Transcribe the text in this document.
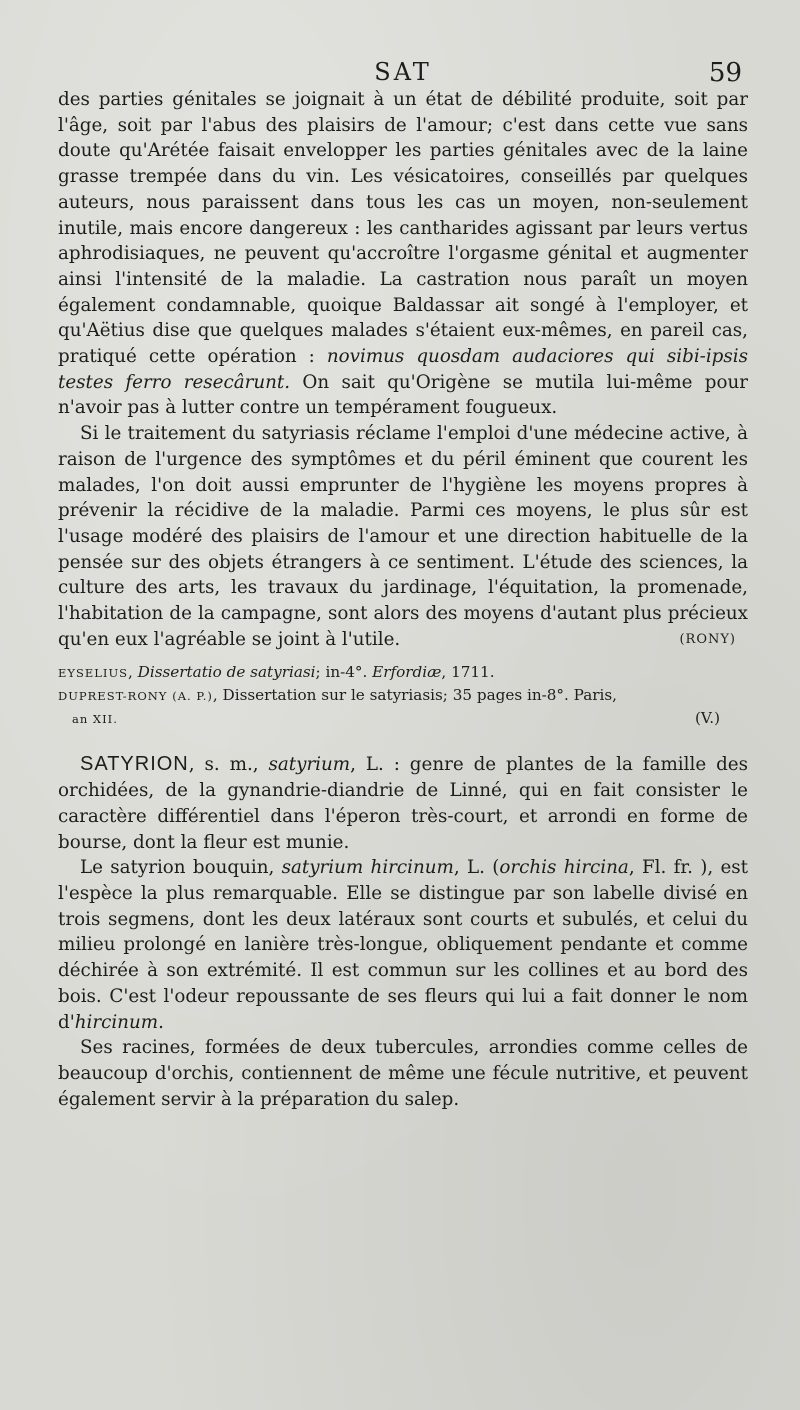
SAT	59

des parties génitales se joignait à un état de débilité produite, soit par l'âge, soit par l'abus des plaisirs de l'amour; c'est dans cette vue sans doute qu'Arétée faisait envelopper les parties génitales avec de la laine grasse trempée dans du vin. Les vésicatoires, conseillés par quelques auteurs, nous paraissent dans tous les cas un moyen, non-seulement inutile, mais encore dangereux : les cantharides agissant par leurs vertus aphrodisiaques, ne peuvent qu'accroître l'orgasme génital et augmenter ainsi l'intensité de la maladie. La castration nous paraît un moyen également condamnable, quoique Baldassar ait songé à l'employer, et qu'Aëtius dise que quelques malades s'étaient eux-mêmes, en pareil cas, pratiqué cette opération : novimus quosdam audaciores qui sibi-ipsis testes ferro resecârunt. On sait qu'Origène se mutila lui-même pour n'avoir pas à lutter contre un tempérament fougueux.

Si le traitement du satyriasis réclame l'emploi d'une médecine active, à raison de l'urgence des symptômes et du péril éminent que courent les malades, l'on doit aussi emprunter de l'hygiène les moyens propres à prévenir la récidive de la maladie. Parmi ces moyens, le plus sûr est l'usage modéré des plaisirs de l'amour et une direction habituelle de la pensée sur des objets étrangers à ce sentiment. L'étude des sciences, la culture des arts, les travaux du jardinage, l'équitation, la promenade, l'habitation de la campagne, sont alors des moyens d'autant plus précieux qu'en eux l'agréable se joint à l'utile.	(RONY)
EYSELIUS, Dissertatio de satyriasi; in-4°. Erfordiæ, 1711.
DUPREST-RONY (A. P.), Dissertation sur le satyriasis; 35 pages in-8°. Paris,
an XII.	(V.)

SATYRION, s. m., satyrium, L. : genre de plantes de la famille des orchidées, de la gynandrie-diandrie de Linné, qui en fait consister le caractère différentiel dans l'éperon très-court, et arrondi en forme de bourse, dont la fleur est munie.

Le satyrion bouquin, satyrium hircinum, L. (orchis hircina, Fl. fr. ), est l'espèce la plus remarquable. Elle se distingue par son labelle divisé en trois segmens, dont les deux latéraux sont courts et subulés, et celui du milieu prolongé en lanière très-longue, obliquement pendante et comme déchirée à son extrémité. Il est commun sur les collines et au bord des bois. C'est l'odeur repoussante de ses fleurs qui lui a fait donner le nom d'hircinum.

Ses racines, formées de deux tubercules, arrondies comme celles de beaucoup d'orchis, contiennent de même une fécule nutritive, et peuvent également servir à la préparation du salep.
